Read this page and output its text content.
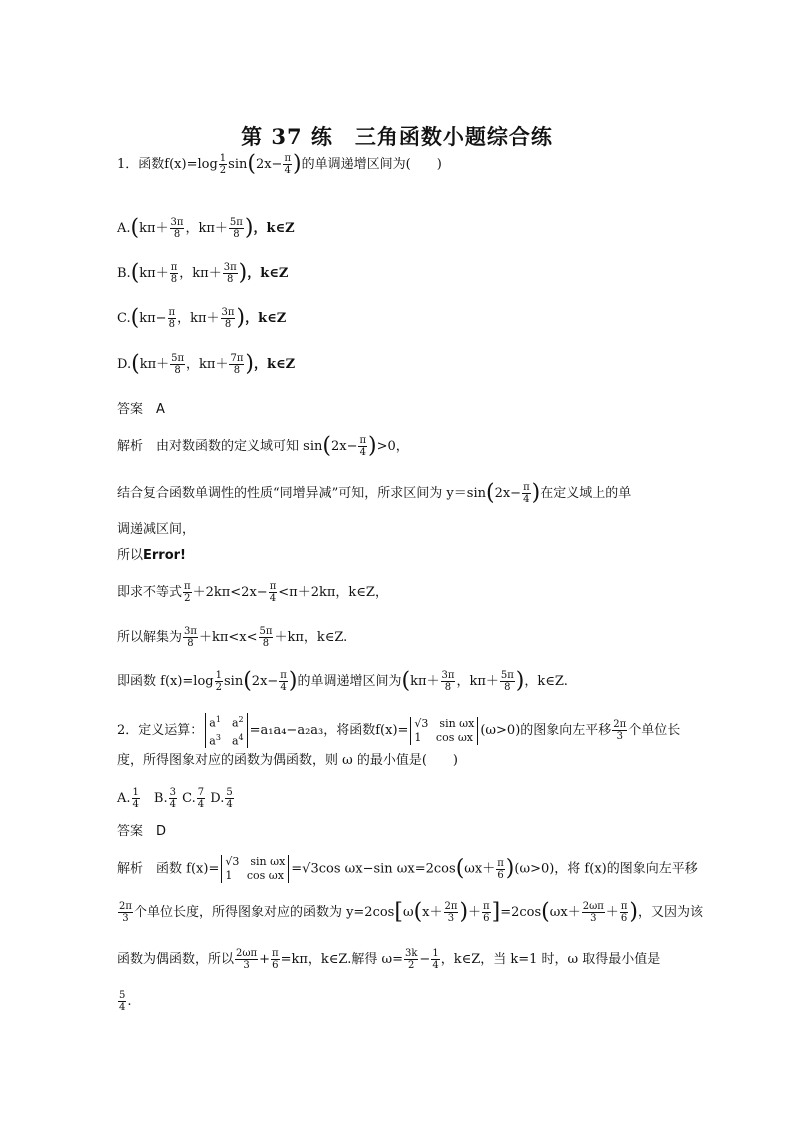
第 37 练　三角函数小题综合练
1．函数$f(x)=\log \frac{1}{2} \sin(2x- \frac{\pi}{4}$ )的单调递增区间为(　　)
$A.(k\pi+ \frac{3\pi}{8}$ ，$k\pi+ \frac{5\pi}{8}$ )，k∈Z
$B.(k\pi+ \frac{\pi}{8}$ ，$k\pi+ \frac{3\pi}{8}$ )，k∈Z
$C.(k\pi- \frac{\pi}{8}$ ，$k\pi+ \frac{3\pi}{8}$ )，k∈Z
$D.(k\pi+ \frac{5\pi}{8}$ ，$k\pi+ \frac{7\pi}{8}$ )，k∈Z
答案　A
解析　 由对数函数的定义域可知 $\sin(2x- \frac{\pi}{4} )>0$，
结合复合函数单调性的性质“同增异减”可知，所求区间为 $y=\sin(2x- \frac{\pi}{4}$ )在定义域上的单
调递减区间，
所以Error!
即求不等式 $\frac{\pi}{2} +2k\pi<2x- \frac{\pi}{4} <\pi+2k\pi$，k∈Z，
所以解集为 $\frac{3\pi}{8} +k\pi<x< \frac{5\pi}{8} +k\pi$，k∈Z.
即函数 $f(x)=\log \frac{1}{2} \sin(2x- \frac{\pi}{4}$ )的单调递增区间为($k\pi+ \frac{3\pi}{8}$ ，$k\pi+ \frac{5\pi}{8}$ )，k∈Z.
2．定义运算： $a^1$　$a^2$
$a^3$　$a^4 =a_1a_4-a_2a_3$，将函数f(x)= √3　sin ωx
1　 cos ωx (ω>0)的图象向左平移 $\frac{2\pi}{3}$ 个单位长
度，所得图象对应的函数为偶函数，则 ω 的最小值是(　　)
A. $\frac{1}{4}$
　 B. $\frac{3}{4} C$. $\frac{7}{4} D$. $\frac{5}{4}$
答案　D
解析　 函数 f(x)= √3　sin ωx
1　 cos ωx =√3cos ωx−sin $\omega x=2\cos(\omega x+ \frac{\pi}{6} )(\omega>0)$，将 f(x)的图象向左平移
$\frac{2\pi}{3}$ 个单位长度，所得图象对应的函数为 $y=2\cos[\omega(x+ \frac{2\pi}{3}$ )＋ $\frac{\pi}{6} ]=2\cos(\omega x+ \frac{2\omega\pi}{3} + \frac{\pi}{6}$ )，又因为该
函数为偶函数，所以 $\frac{2\omega\pi}{3} + \frac{\pi}{6} =k\pi$，k∈Z.解得 $\omega= \frac{3k}{2} - \frac{1}{4}$ ，k∈Z，当 k=1 时，ω 取得最小值是
$\frac{5}{4}$ .
